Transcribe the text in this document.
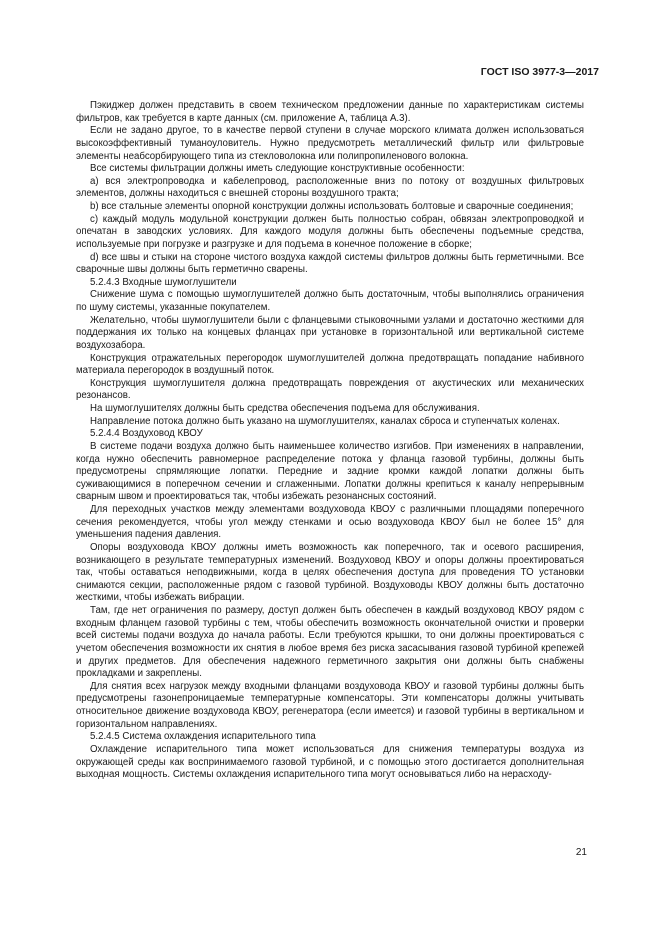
ГОСТ ISO 3977-3—2017

Пэкиджер должен представить в своем техническом предложении данные по характеристикам системы фильтров, как требуется в карте данных (см. приложение А, таблица А.3).

Если не задано другое, то в качестве первой ступени в случае морского климата должен использоваться высокоэффективный туманоуловитель. Нужно предусмотреть металлический фильтр или фильтровые элементы неабсорбирующего типа из стекловолокна или полипропиленового волокна.

Все системы фильтрации должны иметь следующие конструктивные особенности:

а) вся электропроводка и кабелепровод, расположенные вниз по потоку от воздушных фильтровых элементов, должны находиться с внешней стороны воздушного тракта;

b) все стальные элементы опорной конструкции должны использовать болтовые и сварочные соединения;

с) каждый модуль модульной конструкции должен быть полностью собран, обвязан электропроводкой и опечатан в заводских условиях. Для каждого модуля должны быть обеспечены подъемные средства, используемые при погрузке и разгрузке и для подъема в конечное положение в сборке;

d) все швы и стыки на стороне чистого воздуха каждой системы фильтров должны быть герметичными. Все сварочные швы должны быть герметично сварены.

5.2.4.3 Входные шумоглушители

Снижение шума с помощью шумоглушителей должно быть достаточным, чтобы выполнялись ограничения по шуму системы, указанные покупателем.

Желательно, чтобы шумоглушители были с фланцевыми стыковочными узлами и достаточно жесткими для поддержания их только на концевых фланцах при установке в горизонтальной или вертикальной системе воздухозабора.

Конструкция отражательных перегородок шумоглушителей должна предотвращать попадание набивного материала перегородок в воздушный поток.

Конструкция шумоглушителя должна предотвращать повреждения от акустических или механических резонансов.

На шумоглушителях должны быть средства обеспечения подъема для обслуживания.

Направление потока должно быть указано на шумоглушителях, каналах сброса и ступенчатых коленах.

5.2.4.4 Воздуховод КВОУ

В системе подачи воздуха должно быть наименьшее количество изгибов. При изменениях в направлении, когда нужно обеспечить равномерное распределение потока у фланца газовой турбины, должны быть предусмотрены спрямляющие лопатки. Передние и задние кромки каждой лопатки должны быть суживающимися в поперечном сечении и сглаженными. Лопатки должны крепиться к каналу непрерывным сварным швом и проектироваться так, чтобы избежать резонансных состояний.

Для переходных участков между элементами воздуховода КВОУ с различными площадями поперечного сечения рекомендуется, чтобы угол между стенками и осью воздуховода КВОУ был не более 15° для уменьшения падения давления.

Опоры воздуховода КВОУ должны иметь возможность как поперечного, так и осевого расширения, возникающего в результате температурных изменений. Воздуховод КВОУ и опоры должны проектироваться так, чтобы оставаться неподвижными, когда в целях обеспечения доступа для проведения ТО установки снимаются секции, расположенные рядом с газовой турбиной. Воздуховоды КВОУ должны быть достаточно жесткими, чтобы избежать вибрации.

Там, где нет ограничения по размеру, доступ должен быть обеспечен в каждый воздуховод КВОУ рядом с входным фланцем газовой турбины с тем, чтобы обеспечить возможность окончательной очистки и проверки всей системы подачи воздуха до начала работы. Если требуются крышки, то они должны проектироваться с учетом обеспечения возможности их снятия в любое время без риска засасывания газовой турбиной крепежей и других предметов. Для обеспечения надежного герметичного закрытия они должны быть снабжены прокладками и закреплены.

Для снятия всех нагрузок между входными фланцами воздуховода КВОУ и газовой турбины должны быть предусмотрены газонепроницаемые температурные компенсаторы. Эти компенсаторы должны учитывать относительное движение воздуховода КВОУ, регенератора (если имеется) и газовой турбины в вертикальном и горизонтальном направлениях.

5.2.4.5 Система охлаждения испарительного типа

Охлаждение испарительного типа может использоваться для снижения температуры воздуха из окружающей среды как воспринимаемого газовой турбиной, и с помощью этого достигается дополнительная выходная мощность. Системы охлаждения испарительного типа могут основываться либо на нерасходу-

21
